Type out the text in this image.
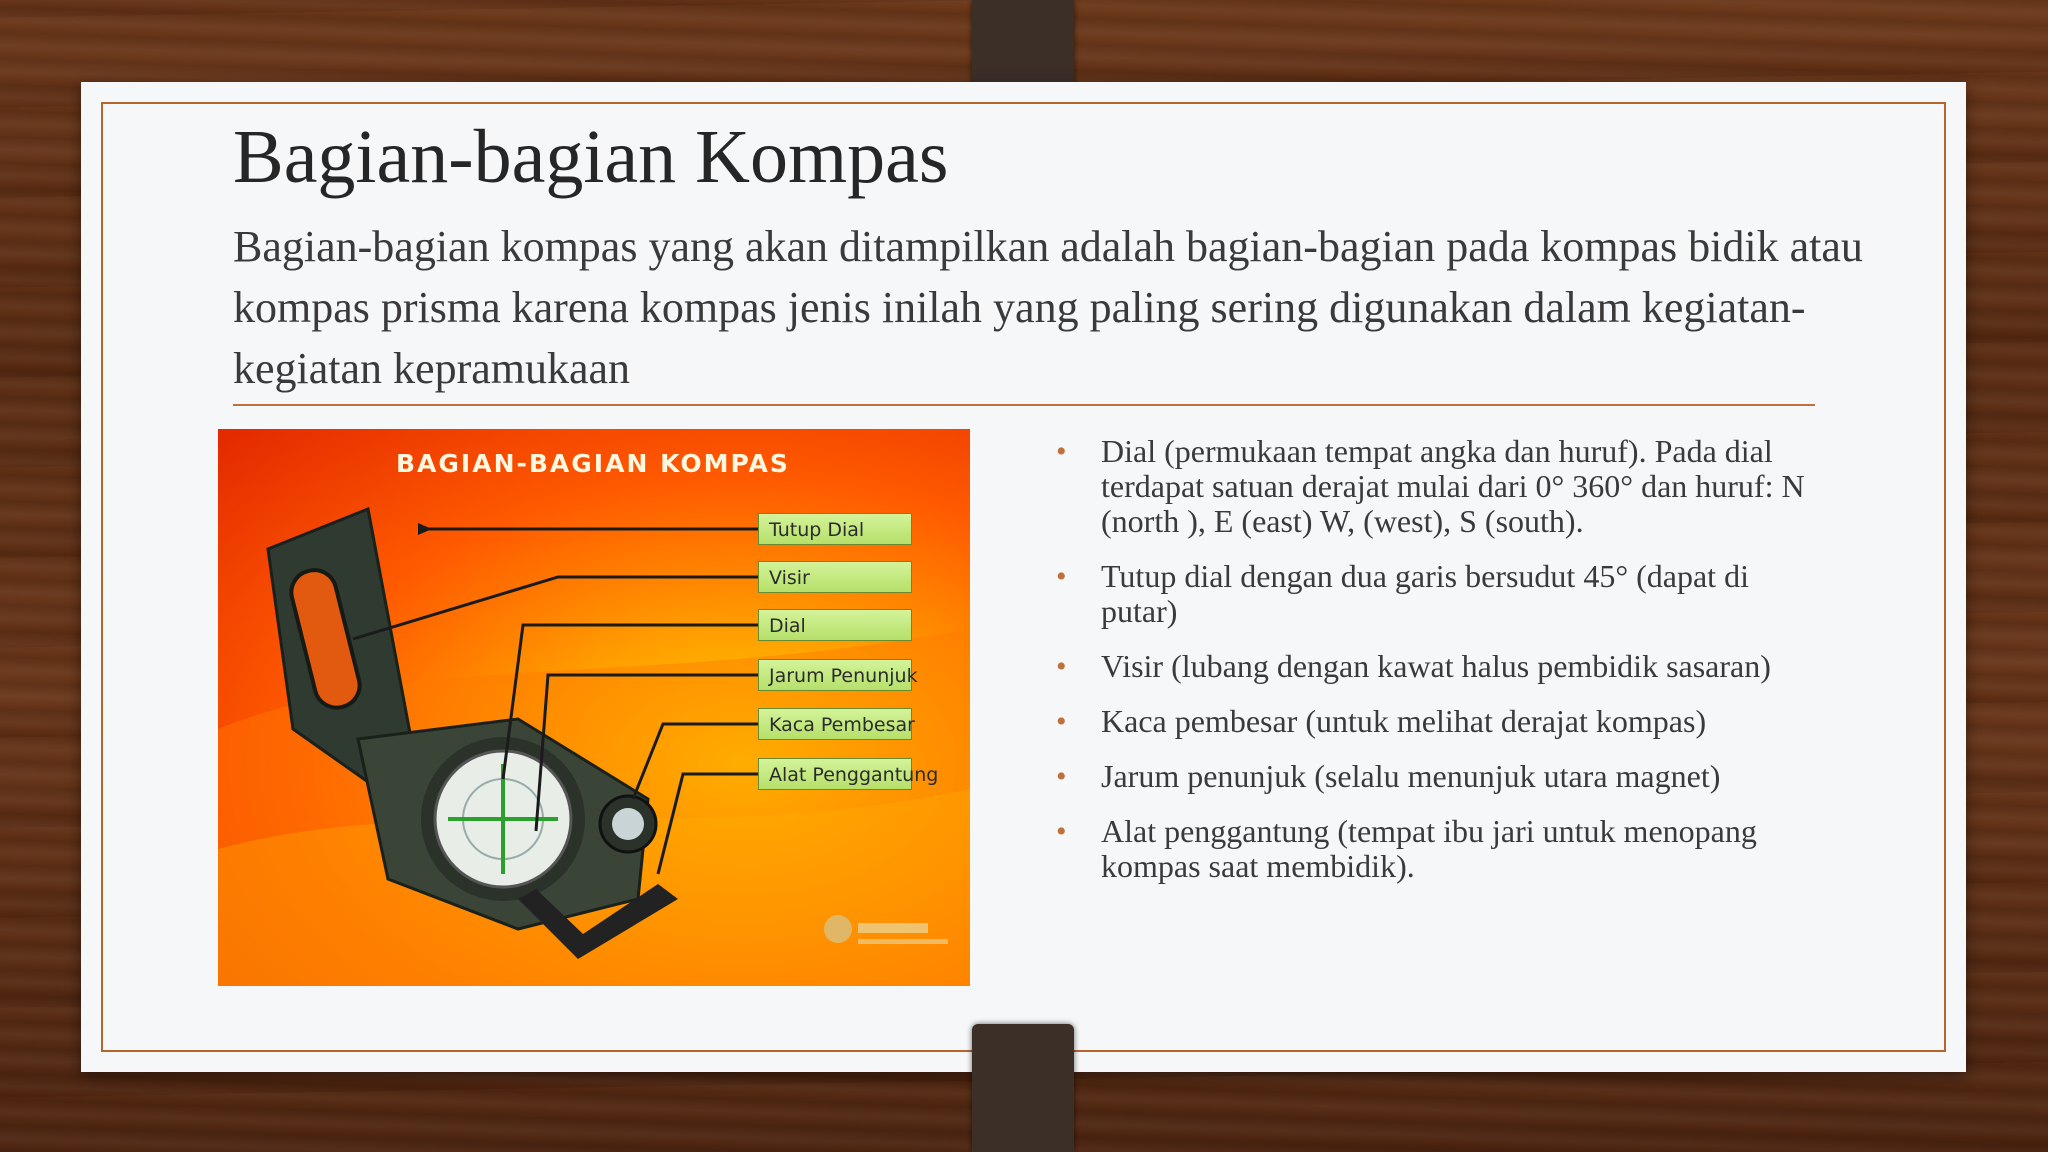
Bagian-bagian Kompas

Bagian-bagian kompas yang akan ditampilkan adalah bagian-bagian pada kompas bidik atau kompas prisma karena kompas jenis inilah yang paling sering digunakan dalam kegiatan-kegiatan kepramukaan

BAGIAN-BAGIAN KOMPAS
Tutup Dial
Visir
Dial
Jarum Penunjuk
Kaca Pembesar
Alat Penggantung
• Dial (permukaan tempat angka dan huruf). Pada dial terdapat satuan derajat mulai dari 0° 360° dan huruf: N (north ), E (east) W, (west), S (south).
• Tutup dial dengan dua garis bersudut 45° (dapat di putar)
• Visir (lubang dengan kawat halus pembidik sasaran)
• Kaca pembesar (untuk melihat derajat kompas)
• Jarum penunjuk (selalu menunjuk utara magnet)
• Alat penggantung (tempat ibu jari untuk menopang kompas saat membidik).
